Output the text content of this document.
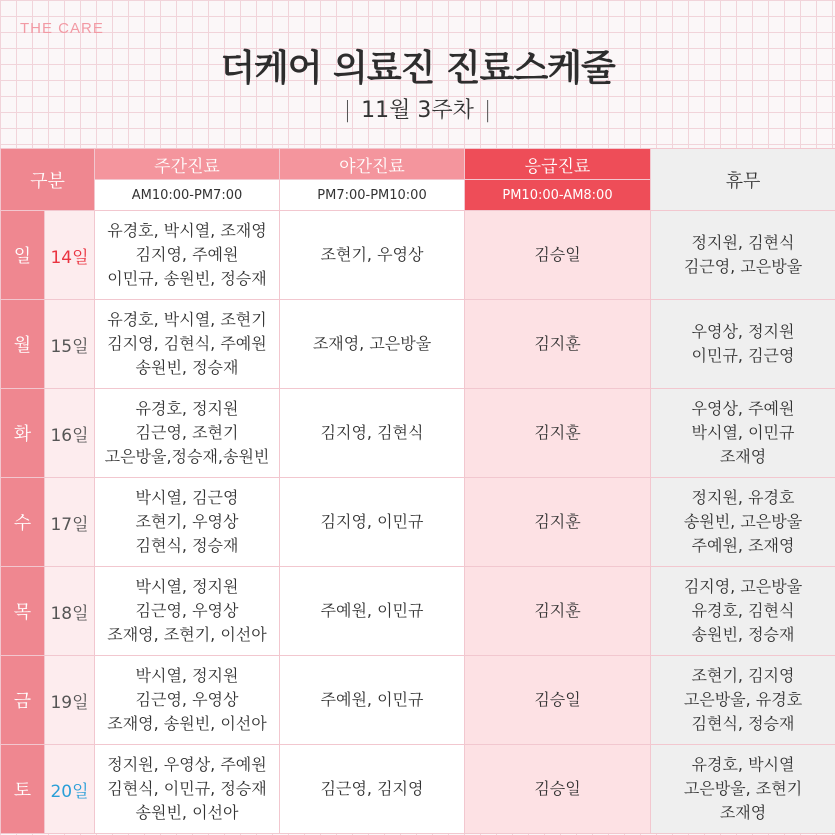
THE CARE
더케어 의료진 진료스케줄
| 11월 3주차 |
구분		주간진료	야간진료	응급진료	휴무
		AM10:00-PM7:00	PM7:00-PM10:00	PM10:00-AM8:00	
일	14일	유경호, 박시열, 조재영
김지영, 주예원
이민규, 송원빈, 정승재	조현기, 우영상	김승일	정지원, 김현식
김근영, 고은방울

월	15일	유경호, 박시열, 조현기
김지영, 김현식, 주예원
송원빈, 정승재	조재영, 고은방울	김지훈	우영상, 정지원
이민규, 김근영

화	16일	유경호, 정지원
김근영, 조현기
고은방울,정승재,송원빈	김지영, 김현식	김지훈	우영상, 주예원
박시열, 이민규
조재영

수	17일	박시열, 김근영
조현기, 우영상
김현식, 정승재	김지영, 이민규	김지훈	정지원, 유경호
송원빈, 고은방울
주예원, 조재영

목	18일	박시열, 정지원
김근영, 우영상
조재영, 조현기, 이선아	주예원, 이민규	김지훈	김지영, 고은방울
유경호, 김현식
송원빈, 정승재

금	19일	박시열, 정지원
김근영, 우영상
조재영, 송원빈, 이선아	주예원, 이민규	김승일	조현기, 김지영
고은방울, 유경호
김현식, 정승재

토	20일	정지원, 우영상, 주예원
김현식, 이민규, 정승재
송원빈, 이선아	김근영, 김지영	김승일	유경호, 박시열
고은방울, 조현기
조재영
